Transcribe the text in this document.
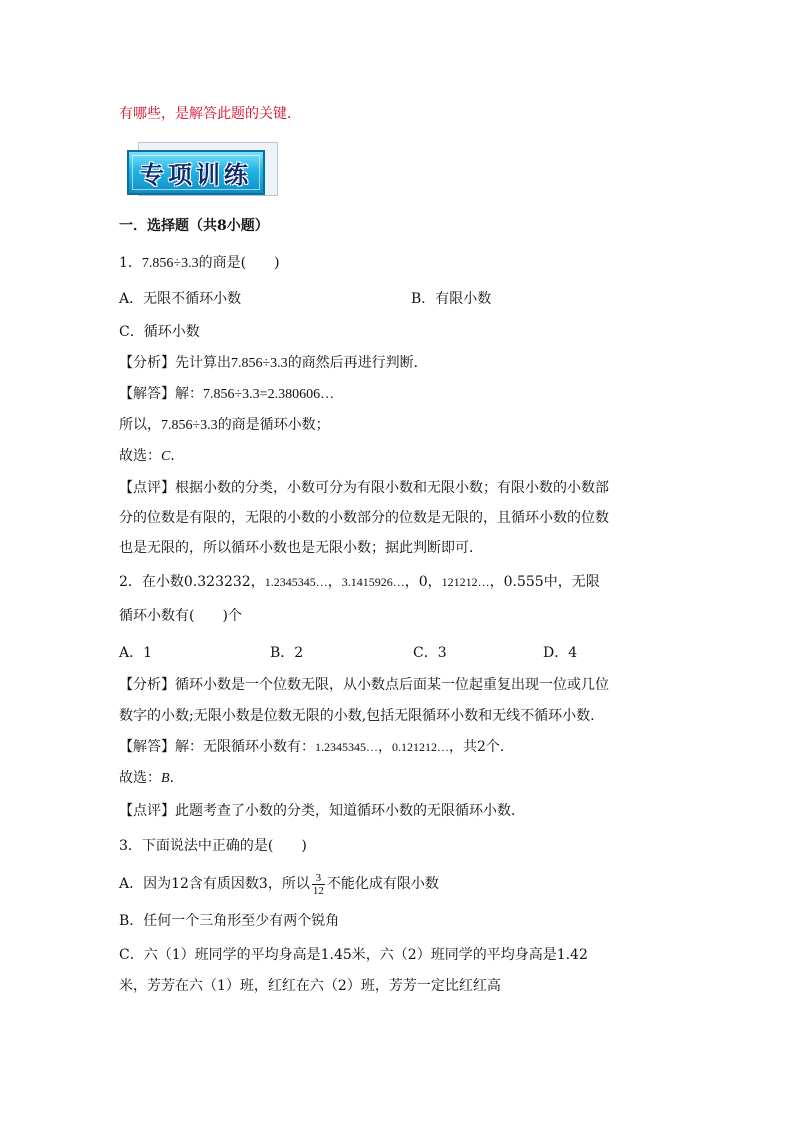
有哪些，是解答此题的关键．
专项训练
一．选择题（共8小题）
1．7.856÷3.3的商是(　　)
A．无限不循环小数	B．有限小数
C．循环小数
【分析】先计算出7.856÷3.3的商然后再进行判断．
【解答】解：7.856÷3.3=2.380606…
所以，7.856÷3.3的商是循环小数；
故选：C．
【点评】根据小数的分类，小数可分为有限小数和无限小数；有限小数的小数部
分的位数是有限的，无限的小数的小数部分的位数是无限的，且循环小数的位数
也是无限的，所以循环小数也是无限小数；据此判断即可．
2．在小数0.323232，1.2345345…，3.1415926…，0，121212…，0.555中，无限
循环小数有(　　)个
A．1	B．2	C．3	D．4
【分析】循环小数是一个位数无限，从小数点后面某一位起重复出现一位或几位
数字的小数;无限小数是位数无限的小数,包括无限循环小数和无线不循环小数.
【解答】解：无限循环小数有：1.2345345…，0.121212…，共2个．
故选：B．
【点评】此题考查了小数的分类，知道循环小数的无限循环小数．
3．下面说法中正确的是(　　)
A．因为12含有质因数3，所以 $\frac{3}{12}$ 不能化成有限小数
B．任何一个三角形至少有两个锐角
C．六（1）班同学的平均身高是1.45米，六（2）班同学的平均身高是1.42
米，芳芳在六（1）班，红红在六（2）班，芳芳一定比红红高
